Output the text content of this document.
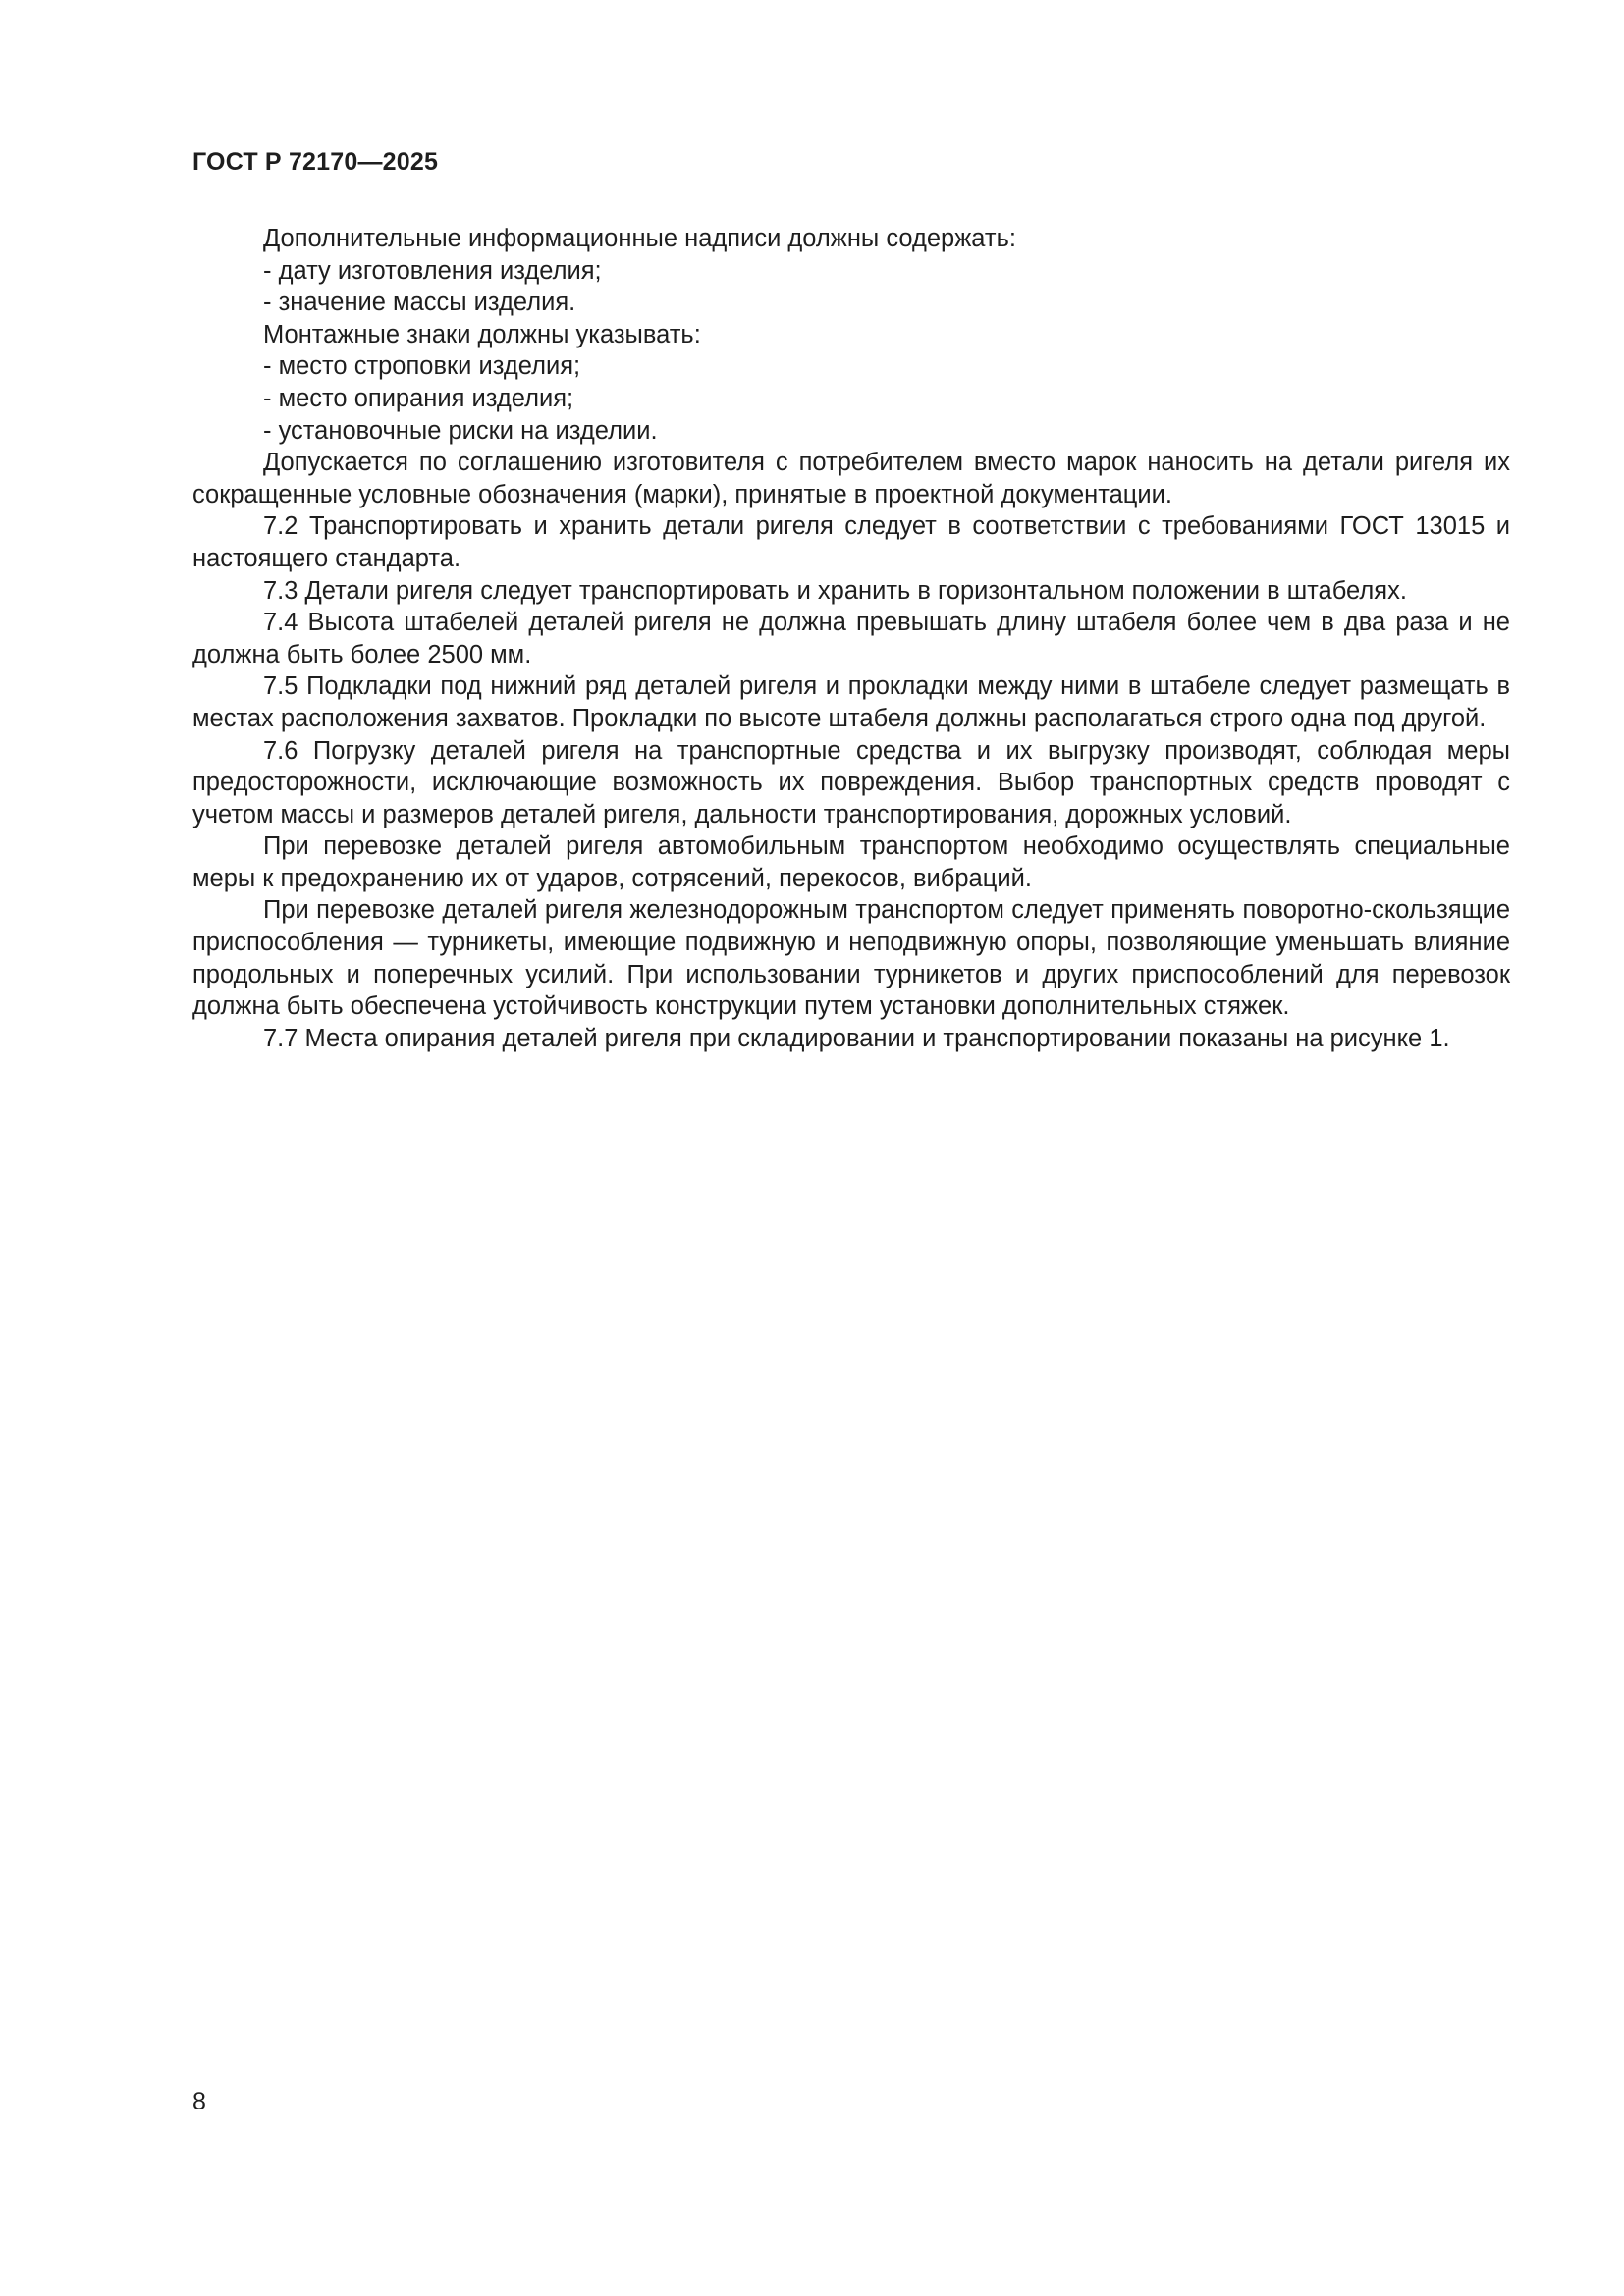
ГОСТ Р 72170—2025

Дополнительные информационные надписи должны содержать:

- дату изготовления изделия;

- значение массы изделия.

Монтажные знаки должны указывать:

- место строповки изделия;

- место опирания изделия;

- установочные риски на изделии.

Допускается по соглашению изготовителя с потребителем вместо марок наносить на детали ригеля их сокращенные условные обозначения (марки), принятые в проектной документации.

7.2 Транспортировать и хранить детали ригеля следует в соответствии с требованиями ГОСТ 13015 и настоящего стандарта.

7.3 Детали ригеля следует транспортировать и хранить в горизонтальном положении в штабелях.

7.4 Высота штабелей деталей ригеля не должна превышать длину штабеля более чем в два раза и не должна быть более 2500 мм.

7.5 Подкладки под нижний ряд деталей ригеля и прокладки между ними в штабеле следует размещать в местах расположения захватов. Прокладки по высоте штабеля должны располагаться строго одна под другой.

7.6 Погрузку деталей ригеля на транспортные средства и их выгрузку производят, соблюдая меры предосторожности, исключающие возможность их повреждения. Выбор транспортных средств проводят с учетом массы и размеров деталей ригеля, дальности транспортирования, дорожных условий.

При перевозке деталей ригеля автомобильным транспортом необходимо осуществлять специальные меры к предохранению их от ударов, сотрясений, перекосов, вибраций.

При перевозке деталей ригеля железнодорожным транспортом следует применять поворотно-скользящие приспособления — турникеты, имеющие подвижную и неподвижную опоры, позволяющие уменьшать влияние продольных и поперечных усилий. При использовании турникетов и других приспособлений для перевозок должна быть обеспечена устойчивость конструкции путем установки дополнительных стяжек.

7.7 Места опирания деталей ригеля при складировании и транспортировании показаны на рисунке 1.

8
